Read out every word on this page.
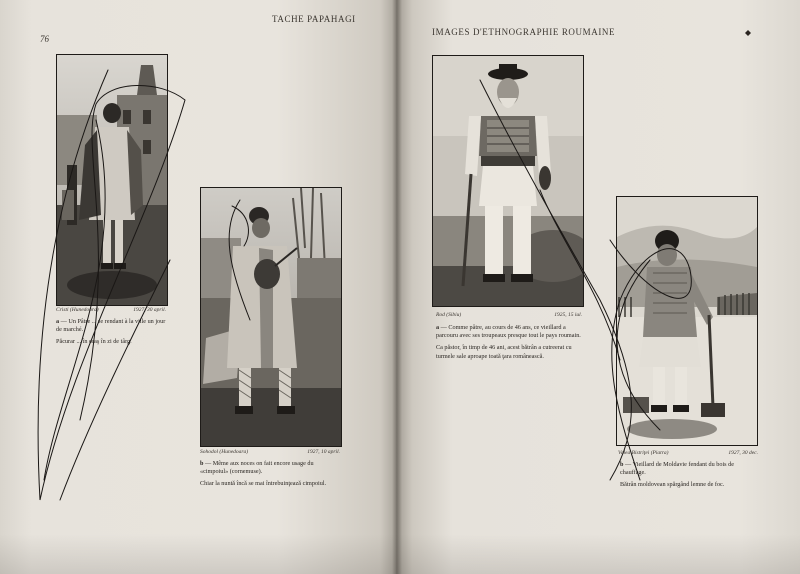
76
TACHE PAPAHAGI
IMAGES D'ETHNOGRAPHIE ROUMAINE
Cristi (Hunedoara)	1927, 30 april.

a — Un Pâtre ... se rendant à la ville un jour de marché.

Păcurar ... în oraş în zi de târg.

Sohodol (Hunedoara)	1927, 10 april.

b — Même aux noces on fait encore usage du «cimpoiul» (cornemuse).

Chiar la nuntă încă se mai întrebuinţează cimpoiul.

Rod (Sibiu)	1925, 15 iul.

a — Comme pâtre, au cours de 46 ans, ce vieillard a parcouru avec ses troupeaux presque tout le pays roumain.

Ca păstor, în timp de 46 ani, acest bătrân a cutreerat cu turmele sale aproape toată ţara românească.

Valea Bistriţei (Piatra)	1927, 30 dec.

b — Vieillard de Moldavie fendant du bois de chauffage.

Bătrân moldovean spărgând lemne de foc.
